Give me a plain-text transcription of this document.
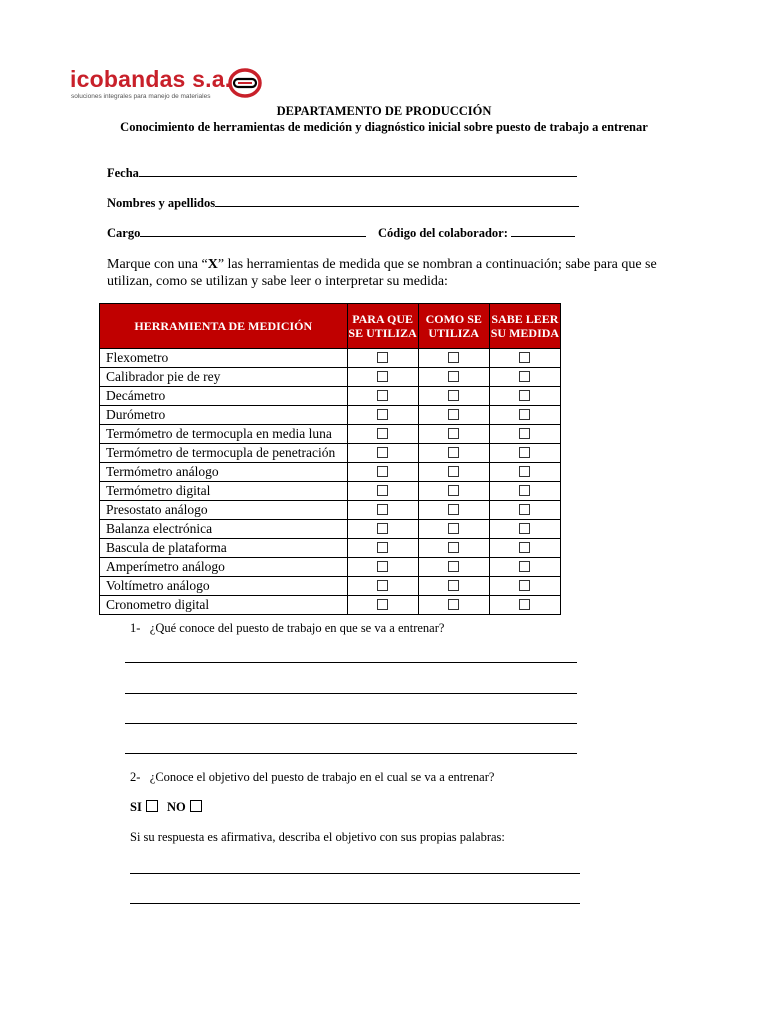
icobandas s.a.
soluciones integrales para manejo de materiales
DEPARTAMENTO DE PRODUCCIÓN
Conocimiento de herramientas de medición y diagnóstico inicial sobre puesto de trabajo a entrenar
Fecha
Nombres y apellidos
Cargo	Código del colaborador:
Marque con una “X” las herramientas de medida que se nombran a continuación; sabe para que se utilizan, como se utilizan y sabe leer o interpretar su medida:
HERRAMIENTA DE MEDICIÓN	PARA QUE SE UTILIZA	COMO SE UTILIZA	SABE LEER SU MEDIDA
Flexometro			
Calibrador pie de rey			
Decámetro			
Durómetro			
Termómetro de termocupla en media luna			
Termómetro de termocupla de penetración			
Termómetro análogo			
Termómetro digital			
Presostato análogo			
Balanza electrónica			
Bascula de plataforma			
Amperímetro análogo			
Voltímetro análogo			
Cronometro digital			
1- ¿Qué conoce del puesto de trabajo en que se va a entrenar?
2- ¿Conoce el objetivo del puesto de trabajo en el cual se va a entrenar?
SI NO
Si su respuesta es afirmativa, describa el objetivo con sus propias palabras:
